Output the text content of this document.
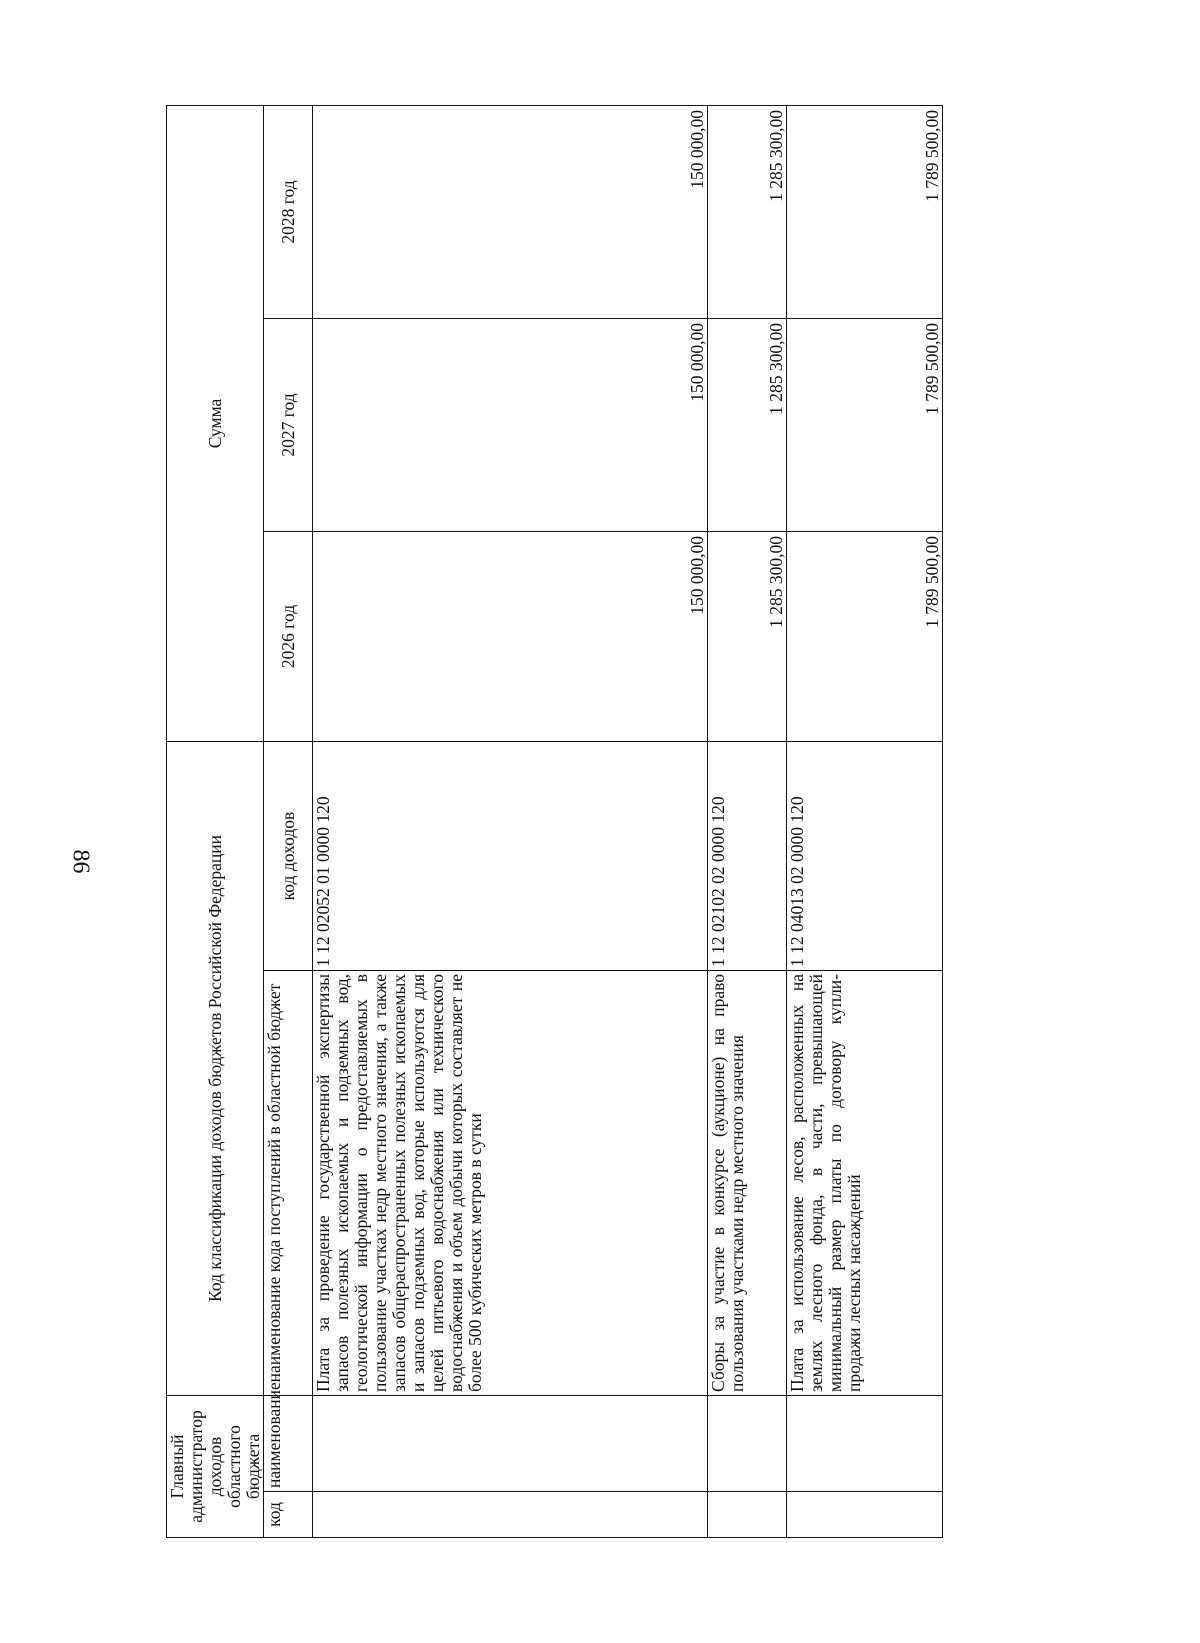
86
Главный администратор доходов областного бюджета		Код классификации доходов бюджетов Российской Федерации		Сумма		
код	наименование	наименование кода поступлений в областной бюджет	код доходов	2026 год	2027 год	2028 год
		Плата за проведение государственной экспертизы запасов полезных ископаемых и подземных вод, геологической информации о предоставляемых в пользование участках недр местного значения, а также запасов общераспространенных полезных ископаемых и запасов подземных вод, которые используются для целей питьевого водоснабжения или технического водоснабжения и объем добычи которых составляет не более 500 кубических метров в сутки	1 12 02052 01 0000 120	150 000,00	150 000,00	150 000,00
		Сборы за участие в конкурсе (аукционе) на право пользования участками недр местного значения	1 12 02102 02 0000 120	1 285 300,00	1 285 300,00	1 285 300,00
		Плата за использование лесов, расположенных на землях лесного фонда, в части, превышающей минимальный размер платы по договору купли-продажи лесных насаждений	1 12 04013 02 0000 120	1 789 500,00	1 789 500,00	1 789 500,00
